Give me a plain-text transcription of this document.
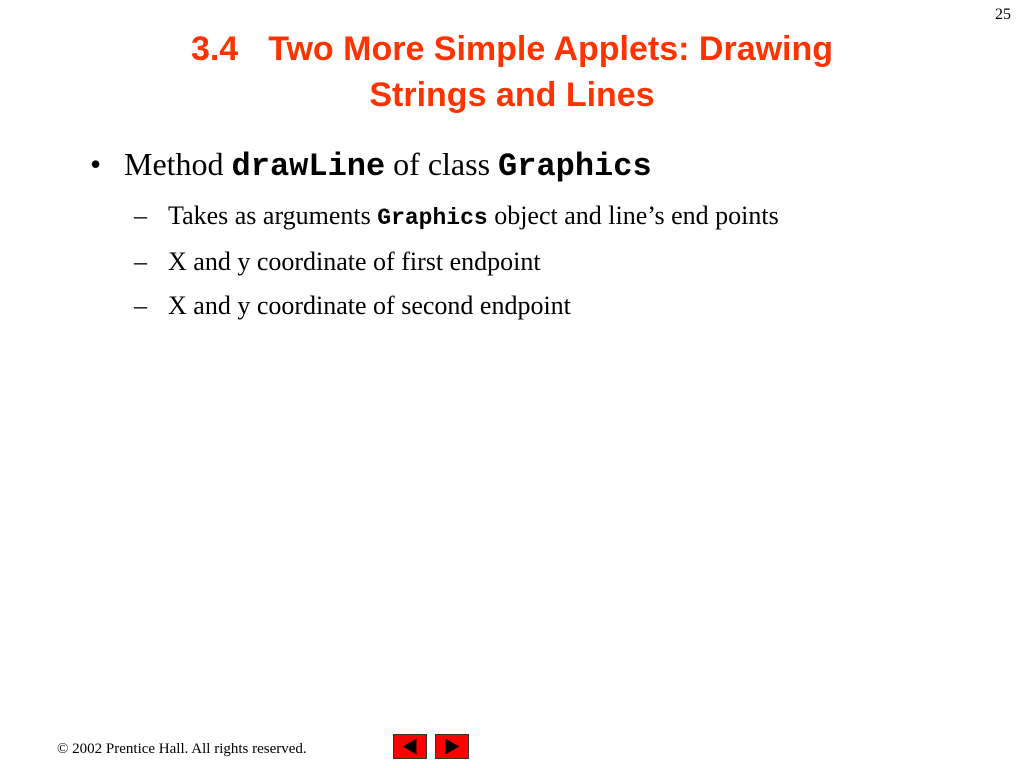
25
3.4 Two More Simple Applets: Drawing
Strings and Lines
• Method drawLine of class Graphics
– Takes as arguments Graphics object and line’s end points
– X and y coordinate of first endpoint
– X and y coordinate of second endpoint
© 2002 Prentice Hall. All rights reserved.
